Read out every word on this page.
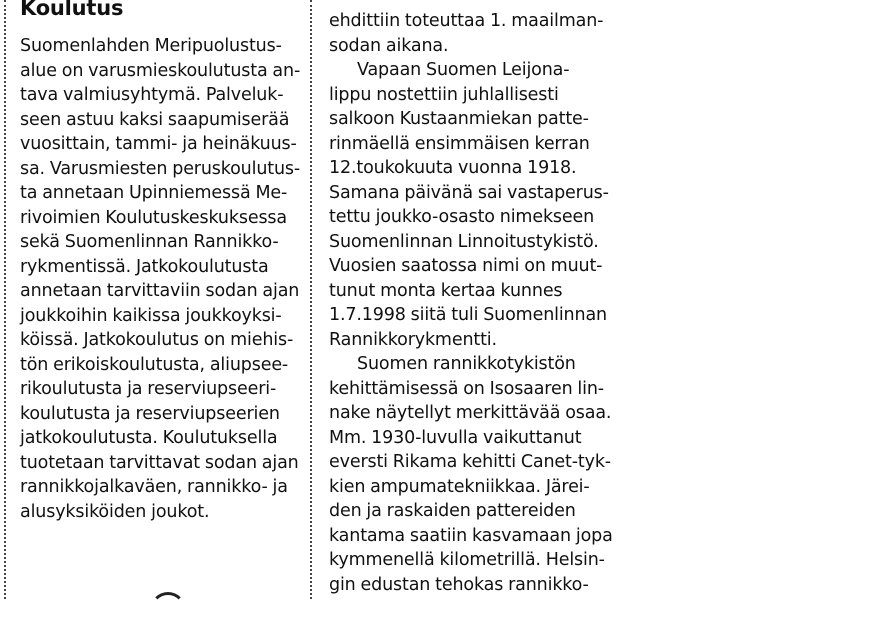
Koulutus
Suomenlahden Meripuolustus-
alue on varusmieskoulutusta an-
tava valmiusyhtymä. Palveluk-
seen astuu kaksi saapumiserää
vuosittain, tammi- ja heinäkuus-
sa. Varusmiesten peruskoulutus-
ta annetaan Upinniemessä Me-
rivoimien Koulutuskeskuksessa
sekä Suomenlinnan Rannikko-
rykmentissä. Jatkokoulutusta
annetaan tarvittaviin sodan ajan
joukkoihin kaikissa joukkoyksi-
köissä. Jatkokoulutus on miehis-
tön erikoiskoulutusta, aliupsee-
rikoulutusta ja reserviupseeri-
koulutusta ja reserviupseerien
jatkokoulutusta. Koulutuksella
tuotetaan tarvittavat sodan ajan
rannikkojalkaväen, rannikko- ja
alusyksiköiden joukot.
ehdittiin toteuttaa 1. maailman-
sodan aikana.
Vapaan Suomen Leijona-
lippu nostettiin juhlallisesti
salkoon Kustaanmiekan patte-
rinmäellä ensimmäisen kerran
12.toukokuuta vuonna 1918.
Samana päivänä sai vastaperus-
tettu joukko-osasto nimekseen
Suomenlinnan Linnoitustykistö.
Vuosien saatossa nimi on muut-
tunut monta kertaa kunnes
1.7.1998 siitä tuli Suomenlinnan
Rannikkorykmentti.
Suomen rannikkotykistön
kehittämisessä on Isosaaren lin-
nake näytellyt merkittävää osaa.
Mm. 1930-luvulla vaikuttanut
eversti Rikama kehitti Canet-tyk-
kien ampumatekniikkaa. Järei-
den ja raskaiden pattereiden
kantama saatiin kasvamaan jopa
kymmenellä kilometrillä. Helsin-
gin edustan tehokas rannikko-
